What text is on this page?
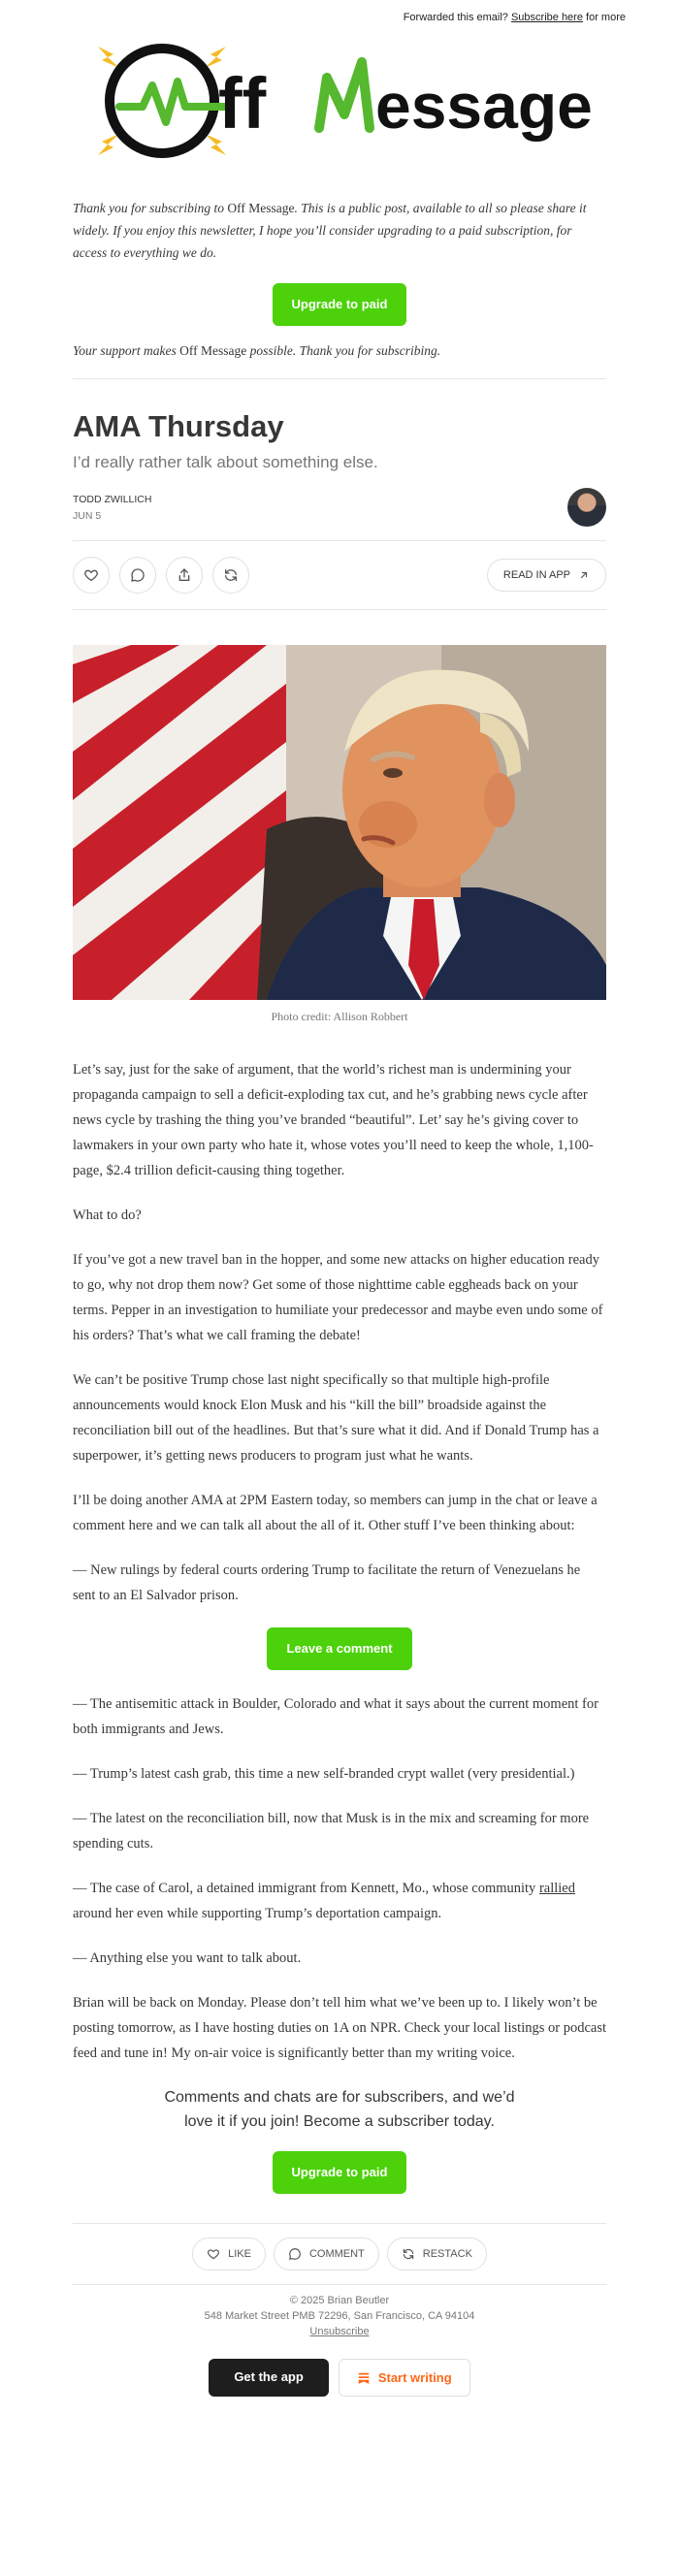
Forwarded this email? Subscribe here for more
ff essage

Thank you for subscribing to Off Message. This is a public post, available to all so please share it widely. If you enjoy this newsletter, I hope you’ll consider upgrading to a paid subscription, for access to everything we do.

Upgrade to paid

Your support makes Off Message possible. Thank you for subscribing.

AMA Thursday
I’d really rather talk about something else.
TODD ZWILLICH
JUN 5
READ IN APP
Photo credit: Allison Robbert

Let’s say, just for the sake of argument, that the world’s richest man is undermining your propaganda campaign to sell a deficit-exploding tax cut, and he’s grabbing news cycle after news cycle by trashing the thing you’ve branded “beautiful”. Let’ say he’s giving cover to lawmakers in your own party who hate it, whose votes you’ll need to keep the whole, 1,100-page, $2.4 trillion deficit-causing thing together.

What to do?

If you’ve got a new travel ban in the hopper, and some new attacks on higher education ready to go, why not drop them now? Get some of those nighttime cable eggheads back on your terms. Pepper in an investigation to humiliate your predecessor and maybe even undo some of his orders? That’s what we call framing the debate!

We can’t be positive Trump chose last night specifically so that multiple high-profile announcements would knock Elon Musk and his “kill the bill” broadside against the reconciliation bill out of the headlines. But that’s sure what it did. And if Donald Trump has a superpower, it’s getting news producers to program just what he wants.

I’ll be doing another AMA at 2PM Eastern today, so members can jump in the chat or leave a comment here and we can talk all about the all of it. Other stuff I’ve been thinking about:

— New rulings by federal courts ordering Trump to facilitate the return of Venezuelans he sent to an El Salvador prison.

Leave a comment

— The antisemitic attack in Boulder, Colorado and what it says about the current moment for both immigrants and Jews.

— Trump’s latest cash grab, this time a new self-branded crypt wallet (very presidential.)

— The latest on the reconciliation bill, now that Musk is in the mix and screaming for more spending cuts.

— The case of Carol, a detained immigrant from Kennett, Mo., whose community rallied around her even while supporting Trump’s deportation campaign.

— Anything else you want to talk about.

Brian will be back on Monday. Please don’t tell him what we’ve been up to. I likely won’t be posting tomorrow, as I have hosting duties on 1A on NPR. Check your local listings or podcast feed and tune in! My on-air voice is significantly better than my writing voice.

Comments and chats are for subscribers, and we’d love it if you join! Become a subscriber today.
Upgrade to paid
LIKE	COMMENT	RESTACK
© 2025 Brian Beutler
548 Market Street PMB 72296, San Francisco, CA 94104
Unsubscribe
Get the app	Start writing
